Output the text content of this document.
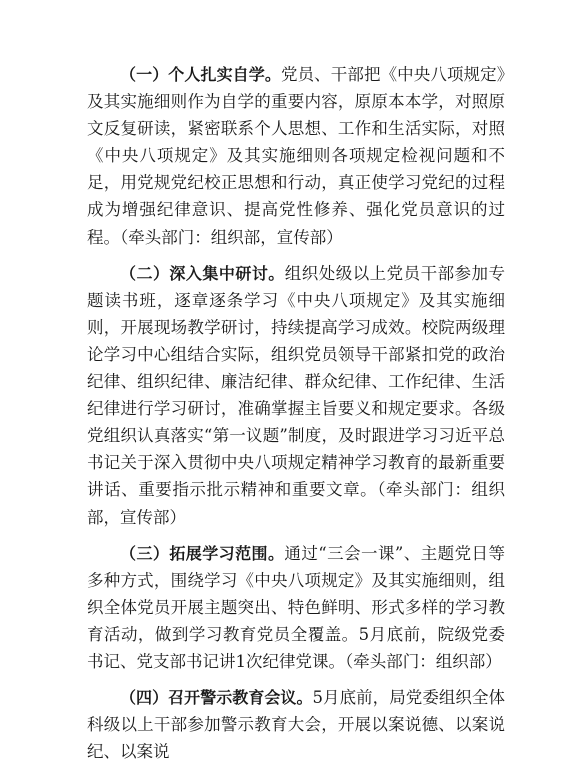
（一）个人扎实自学。党员、干部把《中央八项规定》及其实施细则作为自学的重要内容，原原本本学，对照原文反复研读，紧密联系个人思想、工作和生活实际，对照《中央八项规定》及其实施细则各项规定检视问题和不足，用党规党纪校正思想和行动，真正使学习党纪的过程成为增强纪律意识、提高党性修养、强化党员意识的过程。（牵头部门：组织部，宣传部）

（二）深入集中研讨。组织处级以上党员干部参加专题读书班，逐章逐条学习《中央八项规定》及其实施细则，开展现场教学研讨，持续提高学习成效。校院两级理论学习中心组结合实际，组织党员领导干部紧扣党的政治纪律、组织纪律、廉洁纪律、群众纪律、工作纪律、生活纪律进行学习研讨，准确掌握主旨要义和规定要求。各级党组织认真落实“第一议题”制度，及时跟进学习习近平总书记关于深入贯彻中央八项规定精神学习教育的最新重要讲话、重要指示批示精神和重要文章。（牵头部门：组织部，宣传部）

（三）拓展学习范围。通过“三会一课”、主题党日等多种方式，围绕学习《中央八项规定》及其实施细则，组织全体党员开展主题突出、特色鲜明、形式多样的学习教育活动，做到学习教育党员全覆盖。5月底前，院级党委书记、党支部书记讲1次纪律党课。（牵头部门：组织部）

（四）召开警示教育会议。5月底前，局党委组织全体科级以上干部参加警示教育大会，开展以案说德、以案说纪、以案说
